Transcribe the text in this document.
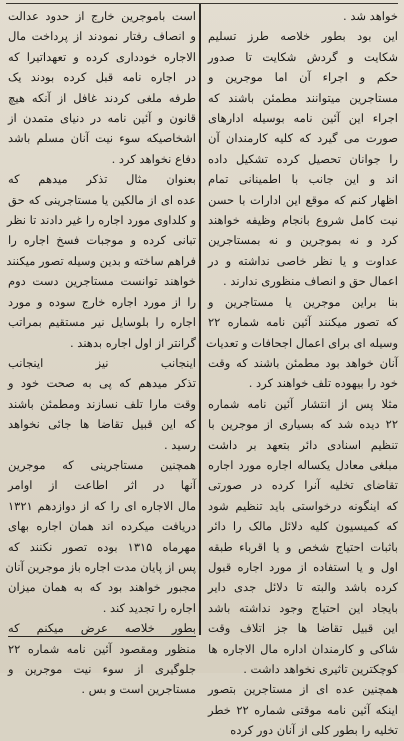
خواهد شد .

این بود بطور خلاصه طرز تسلیم
شکایت و گردش شکایت تا صدور
حکم و اجراء آن اما موجرین و
مستاجرین میتوانند مطمئن باشند که
اجراء این آئین نامه بوسیله ادارهای
صورت می گیرد که کلیه کارمندان آن
را جوانان تحصیل کرده تشکیل داده
اند و این جانب با اطمینانی تمام
اظهار کنم که موقع این ادارات با حسن
نیت کامل شروع بانجام وظیفه خواهند
کرد و نه بموجرین و نه بمستاجرین
عداوت و یا نظر خاصی نداشته و در
اعمال حق و انصاف منظوری ندارند .

بنا براین موجرین یا مستاجرین و
که تصور میکنند آئین نامه شماره ۲۲
وسیله ای برای اعمال اجحافات و تعدیات
آنان خواهد بود مطمئن باشند که وقت
خود را بیهوده تلف خواهند کرد .

مثلا پس از انتشار آئین نامه شماره
۲۲ دیده شد که بسیاری از موجرین با
تنظیم اسنادی دائر بتعهد بر داشت
مبلغی معادل یکساله اجاره مورد اجاره
تقاضای تخلیه آنرا کرده در صورتی
که اینگونه درخواستی باید تنظیم شود
که کمیسیون کلیه دلائل مالک را دائر
باثبات احتیاج شخص و یا اقرباء طبقه
اول و یا استفاده از مورد اجاره قبول
کرده باشد والبته تا دلائل جدی دایر
بایجاد این احتیاج وجود نداشته باشد
این قبیل تقاضا ها جز اتلاف وقت
شاکی و کارمندان اداره مال الاجاره ها
کوچکترین تاثیری نخواهد داشت .

همچنین عده ای از مستاجرین بتصور
اینکه آئین نامه موقتی شماره ۲۲ خطر
تخلیه را بطور کلی از آنان دور کرده

است باموجرین خارج از حدود عدالت
و انصاف رفتار نمودند از پرداخت مال
الاجاره خودداری کرده و تعهداتیرا که
در اجاره نامه قبل کرده بودند یک
طرفه ملغی کردند غافل از آنکه هیچ
قانون و آئین نامه در دنیای متمدن از
اشخاصیکه سوء نیت آنان مسلم باشد
دفاع نخواهد کرد .

بعنوان مثال تذکر میدهم که
عده ای از مالکین یا مستاجرینی که حق
و کلداوی مورد اجاره را غیر دادند تا نظر
تبانی کرده و موجبات فسخ اجاره را
فراهم ساخته و بدین وسیله تصور میکنند
خواهند توانست مستاجرین دست دوم
را از مورد اجاره خارج سوده و مورد
اجاره را بلوسایل نیر مستقیم بمراتب
گرانتر از اول اجاره بدهند .

اینجانب نیز اینجانب
تذکر میدهم که پی به صحت خود و
وقت مارا تلف نسازند ومطمئن باشند
که این قبیل تقاضا ها جائی نخواهد
رسید .

همچنین مستاجرینی که موجرین
آنها در اثر اطاعت از اوامر
مال الاجاره ای را که از دوازدهم ۱۳۲۱
دریافت میکرده اند همان اجاره بهای
مهرماه ۱۳۱۵ بوده تصور نکنند که
پس از پایان مدت اجاره باز موجرین آنان
مجبور خواهند بود که به همان میزان
اجاره را تجدید کند .

بطور خلاصه عرض میکنم که
منظور ومقصود آئین نامه شماره ۲۲
جلوگیری از سوء نیت موجرین و
مستاجرین است و بس .
